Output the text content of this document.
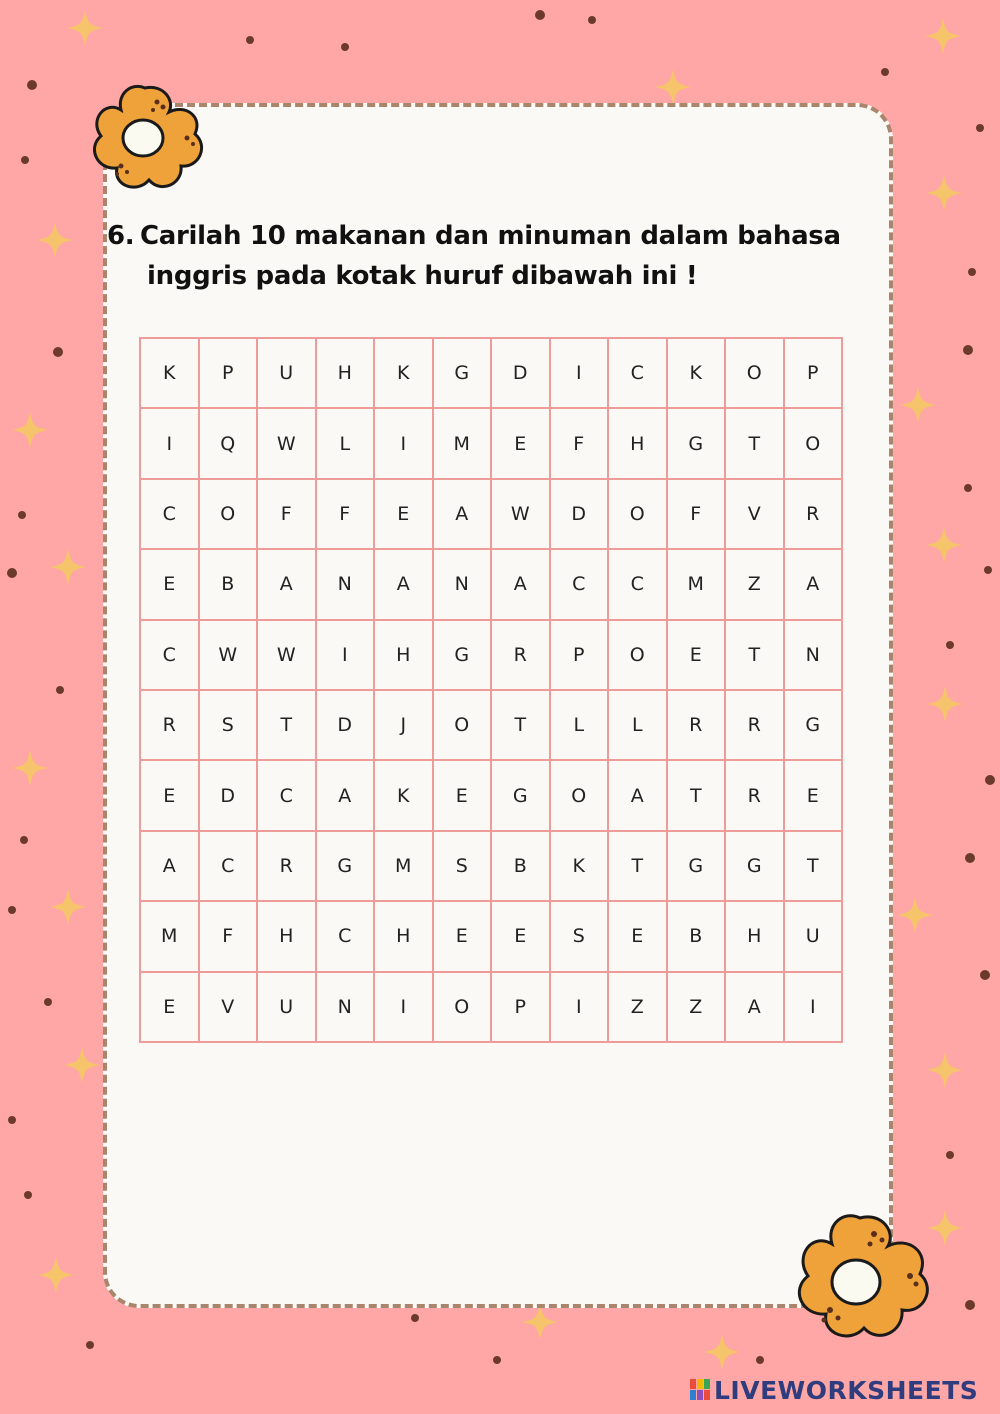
6. Carilah 10 makanan dan minuman dalam bahasa
inggris pada kotak huruf dibawah ini !
K	P	U	H	K	G	D	I	C	K	O	P
I	Q	W	L	I	M	E	F	H	G	T	O
C	O	F	F	E	A	W	D	O	F	V	R
E	B	A	N	A	N	A	C	C	M	Z	A
C	W	W	I	H	G	R	P	O	E	T	N
R	S	T	D	J	O	T	L	L	R	R	G
E	D	C	A	K	E	G	O	A	T	R	E
A	C	R	G	M	S	B	K	T	G	G	T
M	F	H	C	H	E	E	S	E	B	H	U
E	V	U	N	I	O	P	I	Z	Z	A	I
LIVEWORKSHEETS
